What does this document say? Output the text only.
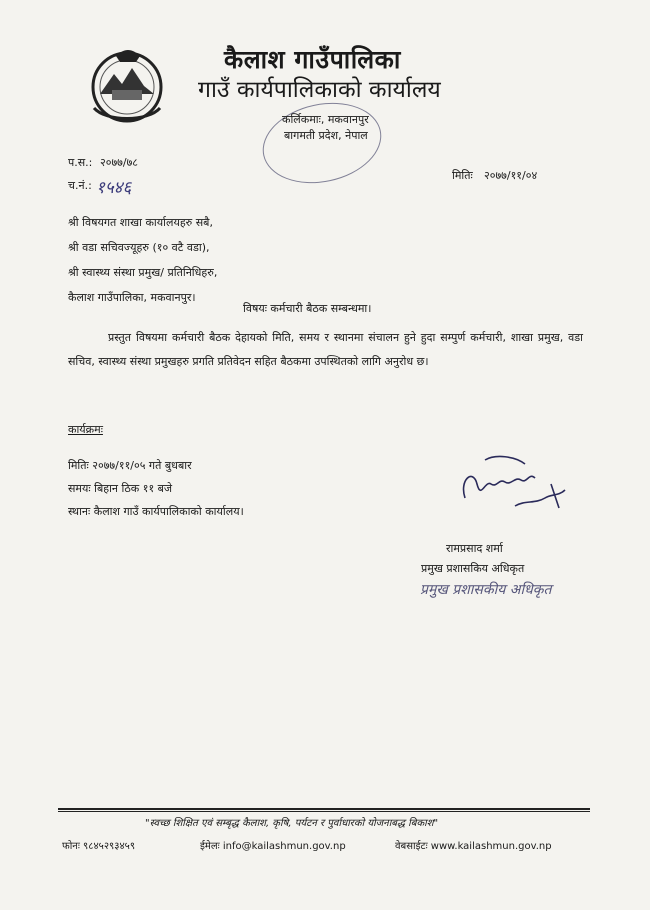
कैलाश गाउँपालिका
गाउँ कार्यपालिकाको कार्यालय
कर्लिकमाः, मकवानपुर
बागमती प्रदेश, नेपाल
प.स.: २०७७/७८
च.नं.: १५४६
मितिः २०७७/११/०४
श्री विषयगत शाखा कार्यालयहरु सबै,
श्री वडा सचिवज्यूहरु (१० वटै वडा),
श्री स्वास्थ्य संस्था प्रमुख/ प्रतिनिधिहरु,
कैलाश गाउँपालिका, मकवानपुर।
विषयः कर्मचारी बैठक सम्बन्धमा।
प्रस्तुत विषयमा कर्मचारी बैठक देहायको मिति, समय र स्थानमा संचालन हुने हुदा सम्पुर्ण कर्मचारी, शाखा प्रमुख, वडा सचिव, स्वास्थ्य संस्था प्रमुखहरु प्रगति प्रतिवेदन सहित बैठकमा उपस्थितको लागि अनुरोध छ।
कार्यक्रमः
मितिः २०७७/११/०५ गते बुधबार
समयः बिहान ठिक ११ बजे
स्थानः कैलाश गाउँ कार्यपालिकाको कार्यालय।
रामप्रसाद शर्मा
प्रमुख प्रशासकिय अधिकृत
प्रमुख प्रशासकीय अधिकृत
"स्वच्छ शिक्षित एवं सम्बृद्ध कैलाश, कृषि, पर्यटन र पुर्वाधारको योजनाबद्ध बिकाश"
फोनः ९८४५२९३४५९	ईमेलः info@kailashmun.gov.np	वेबसाईटः www.kailashmun.gov.np
